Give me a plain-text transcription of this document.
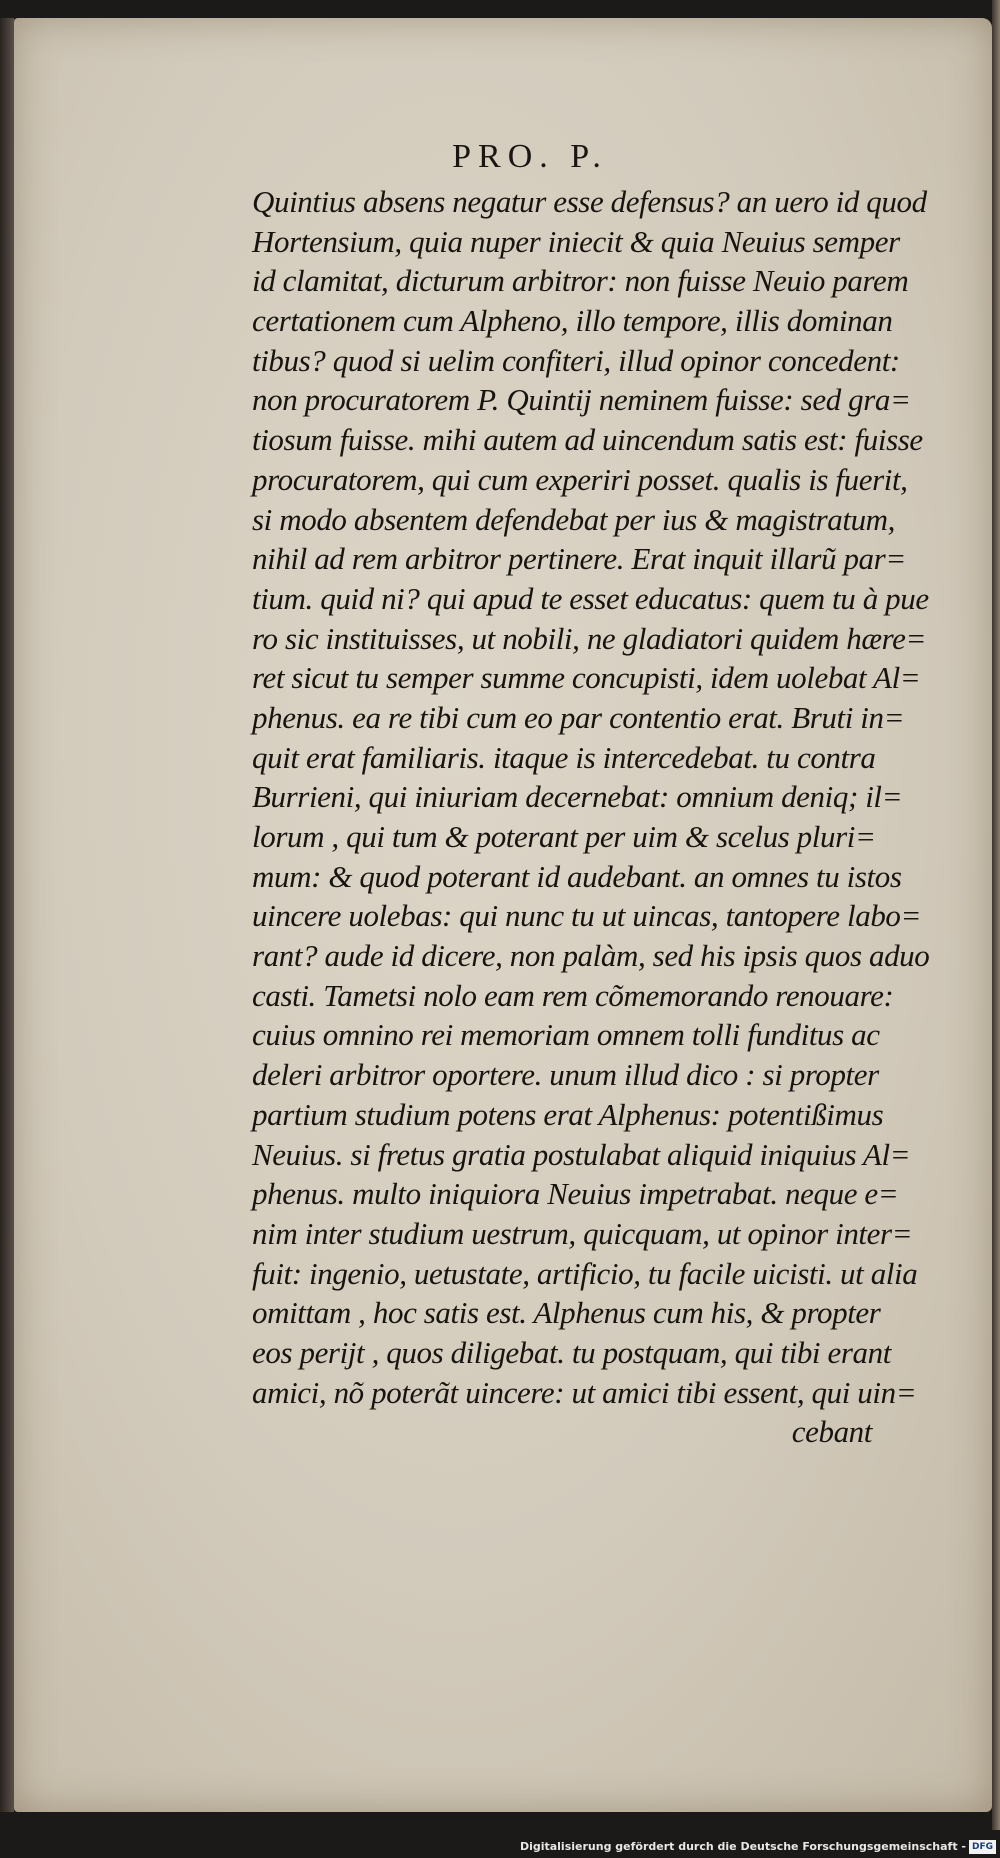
PRO. P.
Quintius absens negatur esse defensus? an uero id quod
Hortensium, quia nuper iniecit & quia Neuius semper
id clamitat, dicturum arbitror: non fuisse Neuio parem
certationem cum Alpheno, illo tempore, illis dominan
tibus? quod si uelim confiteri, illud opinor concedent:
non procuratorem P. Quintij neminem fuisse: sed gra=
tiosum fuisse. mihi autem ad uincendum satis est: fuisse
procuratorem, qui cum experiri posset. qualis is fuerit,
si modo absentem defendebat per ius & magistratum,
nihil ad rem arbitror pertinere. Erat inquit illarũ par=
tium. quid ni? qui apud te esset educatus: quem tu à pue
ro sic instituisses, ut nobili, ne gladiatori quidem hære=
ret sicut tu semper summe concupisti, idem uolebat Al=
phenus. ea re tibi cum eo par contentio erat. Bruti in=
quit erat familiaris. itaque is intercedebat. tu contra
Burrieni, qui iniuriam decernebat: omnium deniq; il=
lorum , qui tum & poterant per uim & scelus pluri=
mum: & quod poterant id audebant. an omnes tu istos
uincere uolebas: qui nunc tu ut uincas, tantopere labo=
rant? aude id dicere, non palàm, sed his ipsis quos aduo
casti. Tametsi nolo eam rem cõmemorando renouare:
cuius omnino rei memoriam omnem tolli funditus ac
deleri arbitror oportere. unum illud dico : si propter
partium studium potens erat Alphenus: potentißimus
Neuius. si fretus gratia postulabat aliquid iniquius Al=
phenus. multo iniquiora Neuius impetrabat. neque e=
nim inter studium uestrum, quicquam, ut opinor inter=
fuit: ingenio, uetustate, artificio, tu facile uicisti. ut alia
omittam , hoc satis est. Alphenus cum his, & propter
eos perijt , quos diligebat. tu postquam, qui tibi erant
amici, nõ poterãt uincere: ut amici tibi essent, qui uin=
cebant
Digitalisierung gefördert durch die Deutsche Forschungsgemeinschaft - DFG
